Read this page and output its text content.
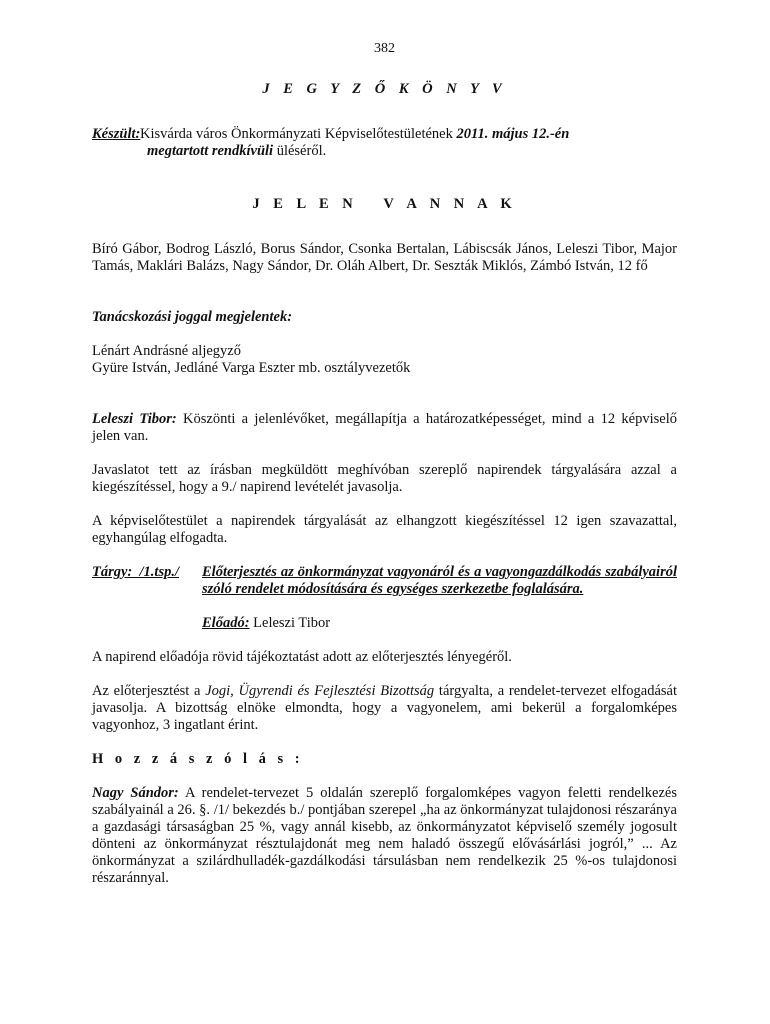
382
J E G Y Z Ő K Ö N Y V
Készült: Kisvárda város Önkormányzati Képviselőtestületének 2011. május 12.-én
megtartott rendkívüli üléséről.
J E L E N   V A N N A K

Bíró Gábor, Bodrog László, Borus Sándor, Csonka Bertalan, Lábiscsák János, Leleszi Tibor, Major Tamás, Maklári Balázs, Nagy Sándor, Dr. Oláh Albert, Dr. Seszták Miklós, Zámbó István, 12 fő

Tanácskozási joggal megjelentek:
Lénárt Andrásné aljegyző
Gyüre István, Jedláné Varga Eszter mb. osztályvezetők

Leleszi Tibor: Köszönti a jelenlévőket, megállapítja a határozatképességet, mind a 12 képviselő jelen van.

Javaslatot tett az írásban megküldött meghívóban szereplő napirendek tárgyalására azzal a kiegészítéssel, hogy a 9./ napirend levételét javasolja.

A képviselőtestület a napirendek tárgyalását az elhangzott kiegészítéssel 12 igen szavazattal, egyhangúlag elfogadta.

Tárgy:  /1.tsp./	Előterjesztés az önkormányzat vagyonáról és a vagyongazdálkodás szabályairól szóló rendelet módosítására és egységes szerkezetbe foglalására.
Előadó: Leleszi Tibor

A napirend előadója rövid tájékoztatást adott az előterjesztés lényegéről.

Az előterjesztést a Jogi, Ügyrendi és Fejlesztési Bizottság tárgyalta, a rendelet-tervezet elfogadását javasolja. A bizottság elnöke elmondta, hogy a vagyonelem, ami bekerül a forgalomképes vagyonhoz, 3 ingatlant érint.

H o z z á s z ó l á s :

Nagy Sándor: A rendelet-tervezet 5 oldalán szereplő forgalomképes vagyon feletti rendelkezés szabályainál a 26. §. /1/ bekezdés b./ pontjában szerepel „ha az önkormányzat tulajdonosi részaránya a gazdasági társaságban 25 %, vagy annál kisebb, az önkormányzatot képviselő személy jogosult dönteni az önkormányzat résztulajdonát meg nem haladó összegű elővásárlási jogról,” ... Az önkormányzat a szilárdhulladék-gazdálkodási társulásban nem rendelkezik 25 %-os tulajdonosi részaránnyal.
